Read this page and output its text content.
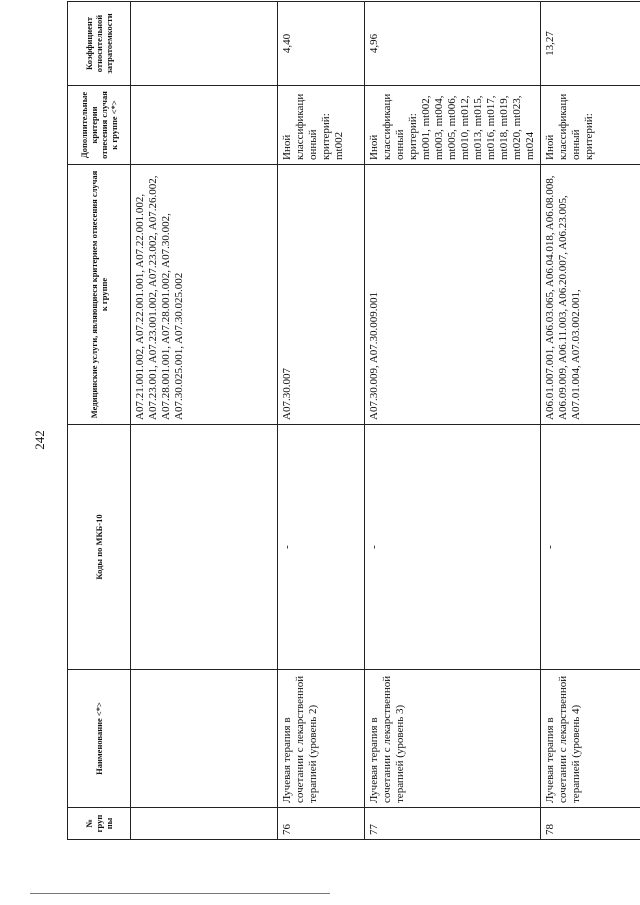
242
№ груп пы	Наименование <*>	Коды по МКБ-10	Медицинские услуги, являющиеся критерием отнесения случая к группе	Дополнительные критерии отнесения случая к группе <*>	Коэффициент относительной затратоемкости
			A07.21.001.002, A07.22.001.001, A07.22.001.002, A07.23.001, A07.23.001.002, A07.23.002, A07.26.002, A07.28.001.001, A07.28.001.002, A07.30.002, A07.30.025.001, A07.30.025.002		
76	Лучевая терапия в сочетании с лекарственной терапией (уровень 2)	-	A07.30.007	Иной классификационный критерий: mt002	4,40
77	Лучевая терапия в сочетании с лекарственной терапией (уровень 3)	-	A07.30.009, A07.30.009.001	Иной классификационный критерий: mt001, mt002, mt003, mt004, mt005, mt006, mt010, mt012, mt013, mt015, mt016, mt017, mt018, mt019, mt020, mt023, mt024	4,96
78	Лучевая терапия в сочетании с лекарственной терапией (уровень 4)	-	A06.01.007.001, A06.03.065, A06.04.018, A06.08.008, A06.09.009, A06.11.003, A06.20.007, A06.23.005, A07.01.004, A07.03.002.001,	Иной классификационный критерий:	13,27
